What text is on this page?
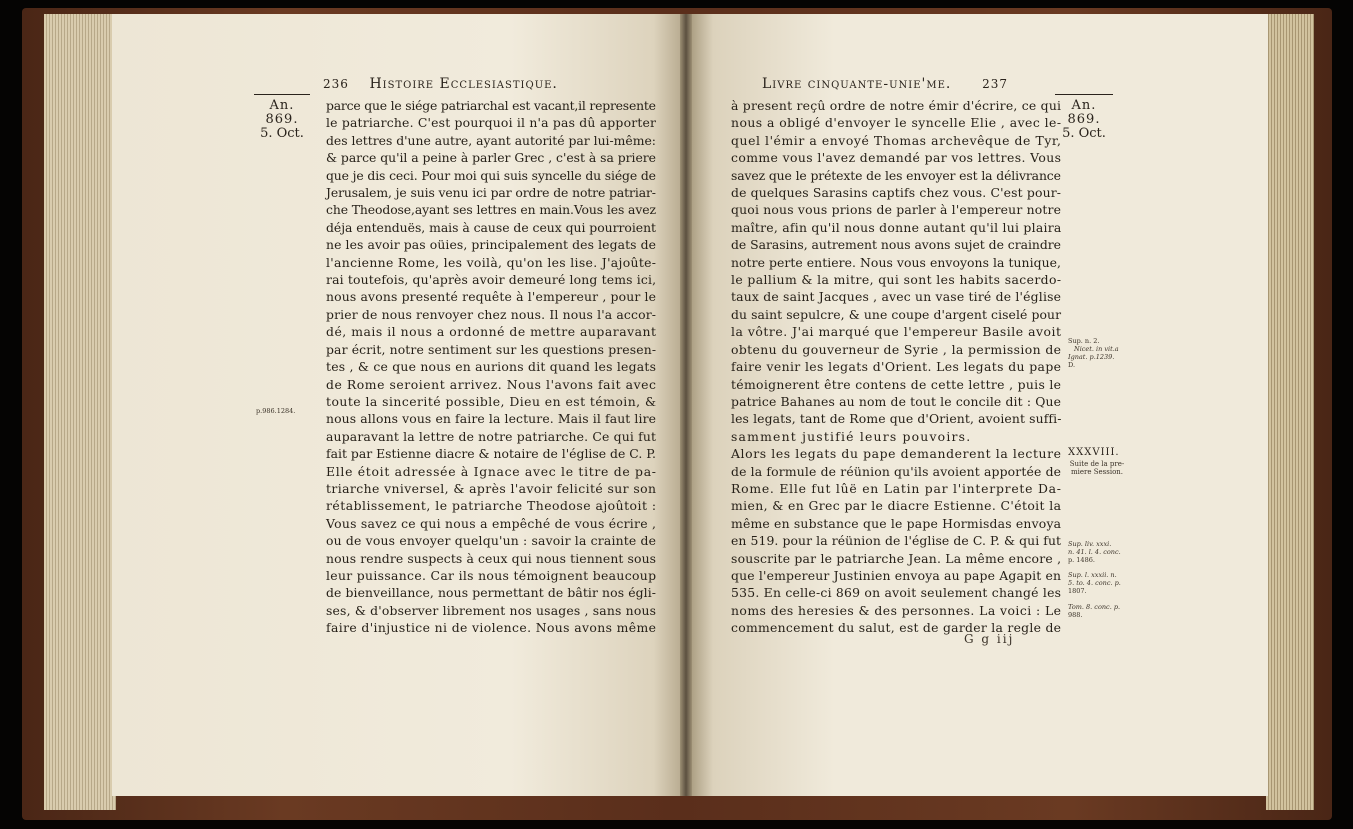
236 Histoire Ecclesiastique.
An. 869.
5. Oct.
p.986.1284.
parce que le siége patriarchal est vacant,il represente
le patriarche. C'est pourquoi il n'a pas dû apporter
des lettres d'une autre, ayant autorité par lui-même:
& parce qu'il a peine à parler Grec , c'est à sa priere
que je dis ceci. Pour moi qui suis syncelle du siége de
Jerusalem, je suis venu ici par ordre de notre patriar-
che Theodose,ayant ses lettres en main.Vous les avez
déja entenduës, mais à cause de ceux qui pourroient
ne les avoir pas oüies, principalement des legats de
l'ancienne Rome, les voilà, qu'on les lise. J'ajoûte-
rai toutefois, qu'après avoir demeuré long tems ici,
nous avons presenté requête à l'empereur , pour le
prier de nous renvoyer chez nous. Il nous l'a accor-
dé, mais il nous a ordonné de mettre auparavant
par écrit, notre sentiment sur les questions presen-
tes , & ce que nous en aurions dit quand les legats
de Rome seroient arrivez. Nous l'avons fait avec
toute la sincerité possible, Dieu en est témoin, &
nous allons vous en faire la lecture. Mais il faut lire
auparavant la lettre de notre patriarche. Ce qui fut
fait par Estienne diacre & notaire de l'église de C. P.
Elle étoit adressée à Ignace avec le titre de pa-
triarche vniversel, & après l'avoir felicité sur son
rétablissement, le patriarche Theodose ajoûtoit :
Vous savez ce qui nous a empêché de vous écrire ,
ou de vous envoyer quelqu'un : savoir la crainte de
nous rendre suspects à ceux qui nous tiennent sous
leur puissance. Car ils nous témoignent beaucoup
de bienveillance, nous permettant de bâtir nos égli-
ses, & d'observer librement nos usages , sans nous
faire d'injustice ni de violence. Nous avons même
Livre cinquante-unie'me.	237
An. 869.
5. Oct.
Sup. n. 2.
Nicet. in vit.a
Ignat. p.1239.
D.
XXXVIII.
Suite de la pre- miere Session.
Sup. liv. xxxi.
n. 41. l. 4. conc.
p. 1486.
Sup. l. xxxii. n.
5. to. 4. conc. p.
1807.
Tom. 8. conc. p.
988.
à present reçû ordre de notre émir d'écrire, ce qui
nous a obligé d'envoyer le syncelle Elie , avec le-
quel l'émir a envoyé Thomas archevêque de Tyr,
comme vous l'avez demandé par vos lettres. Vous
savez que le prétexte de les envoyer est la délivrance
de quelques Sarasins captifs chez vous. C'est pour-
quoi nous vous prions de parler à l'empereur notre
maître, afin qu'il nous donne autant qu'il lui plaira
de Sarasins, autrement nous avons sujet de craindre
notre perte entiere. Nous vous envoyons la tunique,
le pallium & la mitre, qui sont les habits sacerdo-
taux de saint Jacques , avec un vase tiré de l'église
du saint sepulcre, & une coupe d'argent ciselé pour
la vôtre. J'ai marqué que l'empereur Basile avoit
obtenu du gouverneur de Syrie , la permission de
faire venir les legats d'Orient. Les legats du pape
témoignerent être contens de cette lettre , puis le
patrice Bahanes au nom de tout le concile dit : Que
les legats, tant de Rome que d'Orient, avoient suffi-
samment justifié leurs pouvoirs.
Alors les legats du pape demanderent la lecture
de la formule de réünion qu'ils avoient apportée de
Rome. Elle fut lûë en Latin par l'interprete Da-
mien, & en Grec par le diacre Estienne. C'étoit la
même en substance que le pape Hormisdas envoya
en 519. pour la réünion de l'église de C. P. & qui fut
souscrite par le patriarche Jean. La même encore ,
que l'empereur Justinien envoya au pape Agapit en
535. En celle-ci 869 on avoit seulement changé les
noms des heresies & des personnes. La voici : Le
commencement du salut, est de garder la regle de
G g iij
